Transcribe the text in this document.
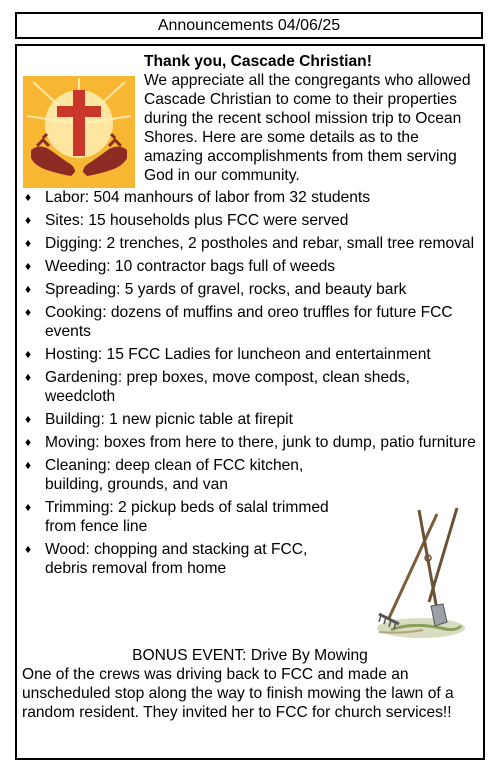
Announcements 04/06/25
Thank you, Cascade Christian!
We appreciate all the congregants who allowed Cascade Christian to come to their properties during the recent school mission trip to Ocean Shores. Here are some details as to the amazing accomplishments from them serving God in our community.
♦ Labor: 504 manhours of labor from 32 students
♦ Sites: 15 households plus FCC were served
♦ Digging: 2 trenches, 2 postholes and rebar, small tree removal
♦ Weeding: 10 contractor bags full of weeds
♦ Spreading: 5 yards of gravel, rocks, and beauty bark
♦ Cooking: dozens of muffins and oreo truffles for future FCC events
♦ Hosting: 15 FCC Ladies for luncheon and entertainment
♦ Gardening: prep boxes, move compost, clean sheds, weedcloth
♦ Building: 1 new picnic table at firepit
♦ Moving: boxes from here to there, junk to dump, patio furniture
♦ Cleaning: deep clean of FCC kitchen, building, grounds, and van
♦ Trimming: 2 pickup beds of salal trimmed from fence line
♦ Wood: chopping and stacking at FCC, debris removal from home
BONUS EVENT: Drive By Mowing
One of the crews was driving back to FCC and made an unscheduled stop along the way to finish mowing the lawn of a random resident. They invited her to FCC for church services!!
